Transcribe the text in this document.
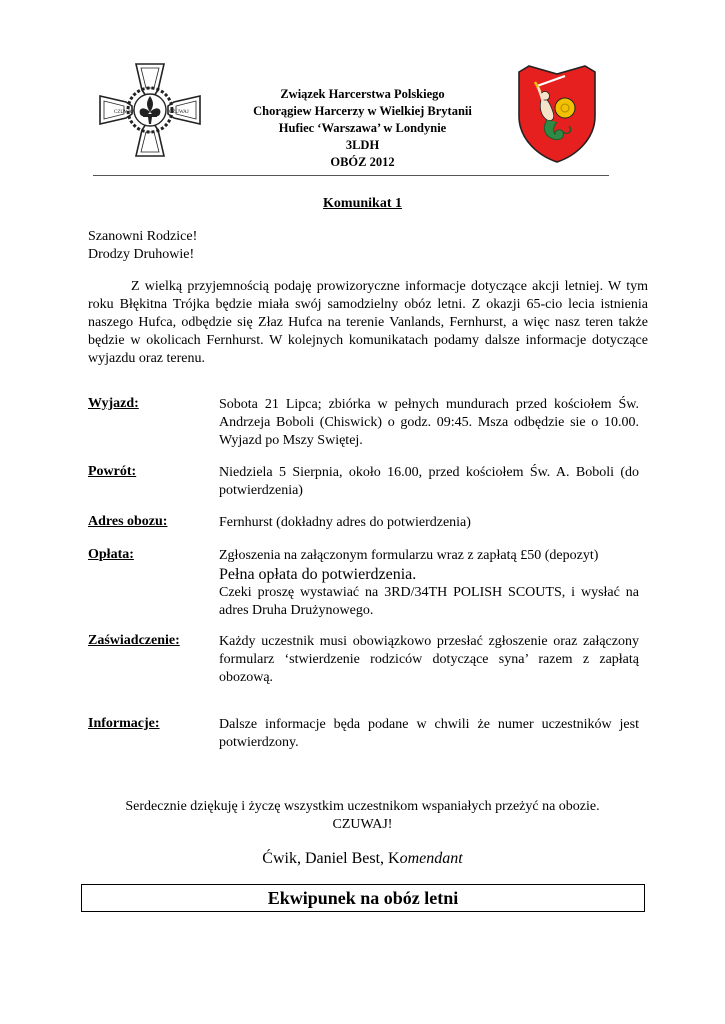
CZUWAJ	CZUWAJ
Związek Harcerstwa Polskiego
Chorągiew Harcerzy w Wielkiej Brytanii
Hufiec ‘Warszawa’ w Londynie
3LDH
OBÓZ 2012
Komunikat 1
Szanowni Rodzice!
Drodzy Druhowie!
Z wielką przyjemnością podaję prowizoryczne informacje dotyczące akcji letniej. W tym roku Błękitna Trójka będzie miała swój samodzielny obóz letni. Z okazji 65-cio lecia istnienia naszego Hufca, odbędzie się Złaz Hufca na terenie Vanlands, Fernhurst, a więc nasz teren także będzie w okolicach Fernhurst. W kolejnych komunikatach podamy dalsze informacje dotyczące wyjazdu oraz terenu.
Wyjazd:	Sobota 21 Lipca; zbiórka w pełnych mundurach przed kościołem Św. Andrzeja Boboli (Chiswick) o godz. 09:45. Msza odbędzie sie o 10.00. Wyjazd po Mszy Swiętej.
Powrót:	Niedziela 5 Sierpnia, około 16.00, przed kościołem Św. A. Boboli (do potwierdzenia)
Adres obozu:	Fernhurst (dokładny adres do potwierdzenia)
Opłata:	Zgłoszenia na załączonym formularzu wraz z zapłatą £50 (depozyt)
Pełna opłata do potwierdzenia.
Czeki proszę wystawiać na 3RD/34TH POLISH SCOUTS, i wysłać na adres Druha Drużynowego.
Zaświadczenie:	Każdy uczestnik musi obowiązkowo przesłać zgłoszenie oraz załączony formularz ‘stwierdzenie rodziców dotyczące syna’ razem z zapłatą obozową.
Informacje:	Dalsze informacje będa podane w chwili że numer uczestników jest potwierdzony.
Serdecznie dziękuję i życzę wszystkim uczestnikom wspaniałych przeżyć na obozie.
CZUWAJ!
Ćwik, Daniel Best, Komendant
Ekwipunek na obóz letni
